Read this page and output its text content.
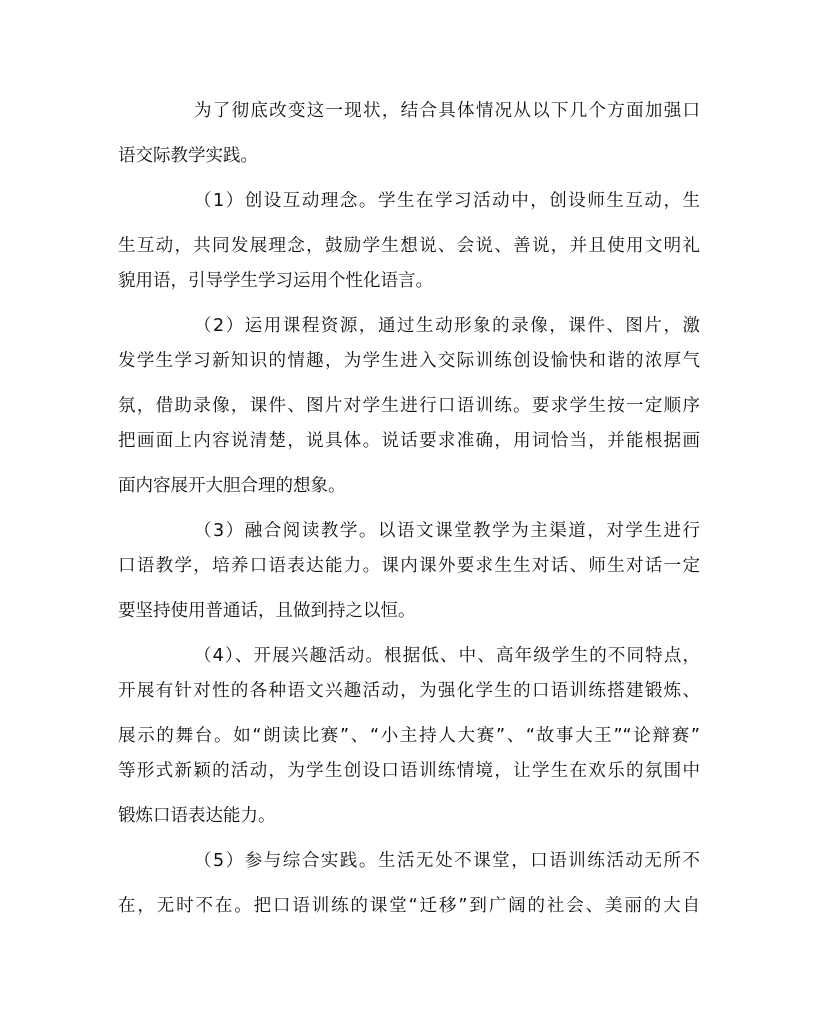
为了彻底改变这一现状，结合具体情况从以下几个方面加强口
语交际教学实践。
（1）创设互动理念。学生在学习活动中，创设师生互动，生
生互动，共同发展理念，鼓励学生想说、会说、善说，并且使用文明礼
貌用语，引导学生学习运用个性化语言。
（2）运用课程资源，通过生动形象的录像，课件、图片，激
发学生学习新知识的情趣，为学生进入交际训练创设愉快和谐的浓厚气
氛，借助录像，课件、图片对学生进行口语训练。要求学生按一定顺序
把画面上内容说清楚，说具体。说话要求准确，用词恰当，并能根据画
面内容展开大胆合理的想象。
（3）融合阅读教学。以语文课堂教学为主渠道，对学生进行
口语教学，培养口语表达能力。课内课外要求生生对话、师生对话一定
要坚持使用普通话，且做到持之以恒。
（4）、开展兴趣活动。根据低、中、高年级学生的不同特点，
开展有针对性的各种语文兴趣活动，为强化学生的口语训练搭建锻炼、
展示的舞台。如“朗读比赛”、“小主持人大赛”、“故事大王”“论辩赛”
等形式新颖的活动，为学生创设口语训练情境，让学生在欢乐的氛围中
锻炼口语表达能力。
（5）参与综合实践。生活无处不课堂，口语训练活动无所不
在，无时不在。把口语训练的课堂“迁移”到广阔的社会、美丽的大自
